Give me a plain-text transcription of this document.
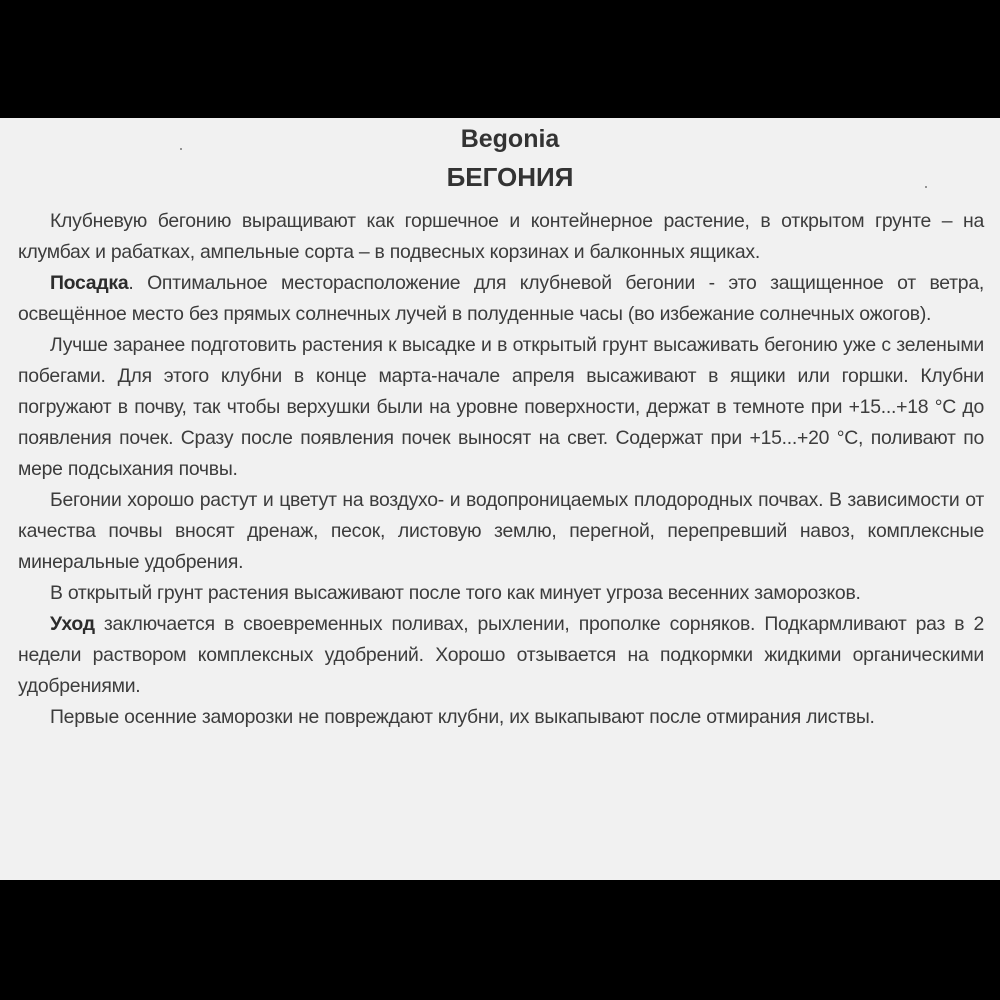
Begonia
БЕГОНИЯ

Клубневую бегонию выращивают как горшечное и контейнерное растение, в открытом грунте – на клумбах и рабатках, ампельные сорта – в подвесных корзинах и балконных ящиках.

Посадка. Оптимальное месторасположение для клубневой бегонии - это защищенное от ветра, освещённое место без прямых солнечных лучей в полуденные часы (во избежание солнечных ожогов).

Лучше заранее подготовить растения к высадке и в открытый грунт высаживать бегонию уже с зелеными побегами. Для этого клубни в конце марта-начале апреля высаживают в ящики или горшки. Клубни погружают в почву, так чтобы верхушки были на уровне поверхности, держат в темноте при +15...+18 °С до появления почек. Сразу после появления почек выносят на свет. Содержат при +15...+20 °С, поливают по мере подсыхания почвы.

Бегонии хорошо растут и цветут на воздухо- и водопроницаемых плодородных почвах. В зависимости от качества почвы вносят дренаж, песок, листовую землю, перегной, перепревший навоз, комплексные минеральные удобрения.

В открытый грунт растения высаживают после того как минует угроза весенних заморозков.

Уход заключается в своевременных поливах, рыхлении, прополке сорняков. Подкармливают раз в 2 недели раствором комплексных удобрений. Хорошо отзывается на подкормки жидкими органическими удобрениями.

Первые осенние заморозки не повреждают клубни, их выкапывают после отмирания листвы.
